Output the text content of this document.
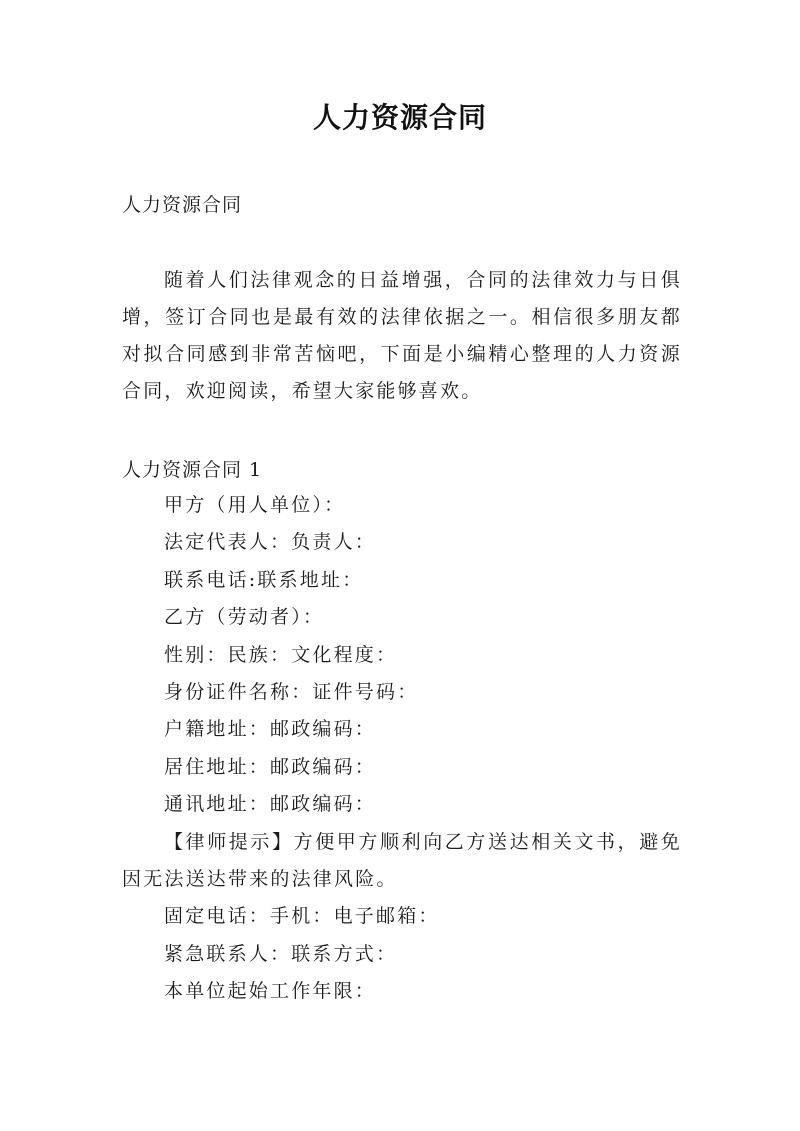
人力资源合同
人力资源合同
随着人们法律观念的日益增强，合同的法律效力与日俱增，签订合同也是最有效的法律依据之一。相信很多朋友都对拟合同感到非常苦恼吧，下面是小编精心整理的人力资源合同，欢迎阅读，希望大家能够喜欢。
人力资源合同 1
甲方（用人单位）：
法定代表人：负责人：
联系电话:联系地址：
乙方（劳动者）：
性别：民族：文化程度：
身份证件名称：证件号码：
户籍地址：邮政编码：
居住地址：邮政编码：
通讯地址：邮政编码：
【律师提示】方便甲方顺利向乙方送达相关文书，避免因无法送达带来的法律风险。
固定电话：手机：电子邮箱：
紧急联系人：联系方式：
本单位起始工作年限：
